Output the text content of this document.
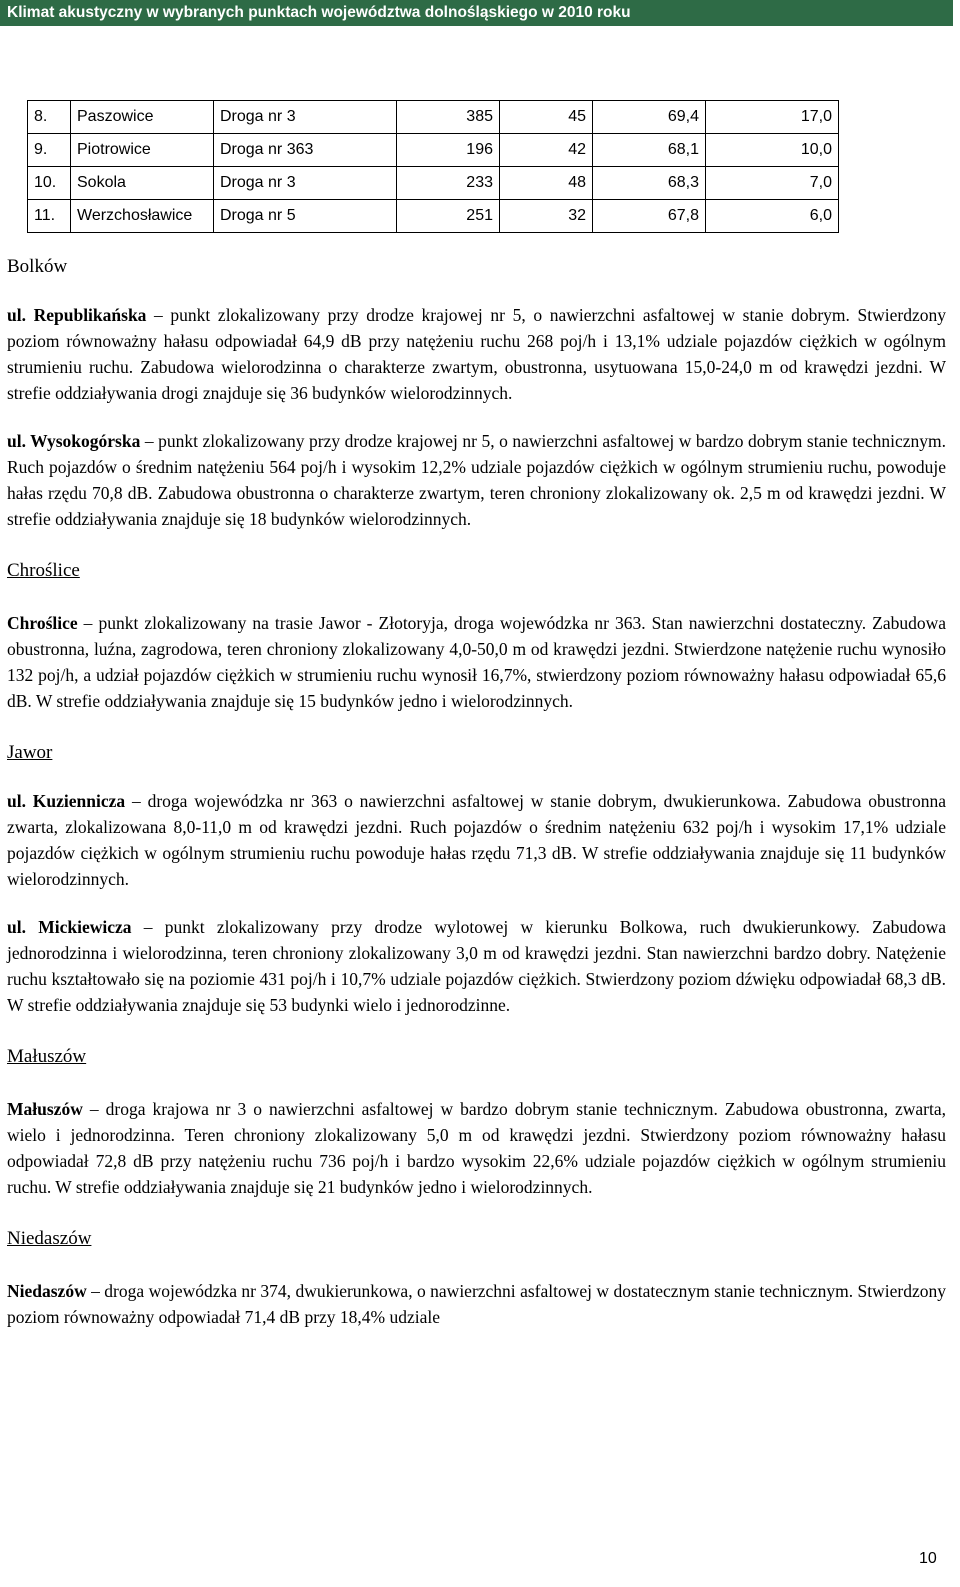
Klimat akustyczny w wybranych punktach województwa dolnośląskiego w 2010 roku
8.	Paszowice	Droga nr 3	385	45	69,4	17,0
9.	Piotrowice	Droga nr 363	196	42	68,1	10,0
10.	Sokola	Droga nr 3	233	48	68,3	7,0
11.	Werzchosławice	Droga nr 5	251	32	67,8	6,0
Bolków

ul. Republikańska – punkt zlokalizowany przy drodze krajowej nr 5, o nawierzchni asfaltowej w stanie dobrym. Stwierdzony poziom równoważny hałasu odpowiadał 64,9 dB przy natężeniu ruchu 268 poj/h i 13,1% udziale pojazdów ciężkich w ogólnym strumieniu ruchu. Zabudowa wielorodzinna o charakterze zwartym, obustronna, usytuowana 15,0-24,0 m od krawędzi jezdni. W strefie oddziaływania drogi znajduje się 36 budynków wielorodzinnych.

ul. Wysokogórska – punkt zlokalizowany przy drodze krajowej nr 5, o nawierzchni asfaltowej w bardzo dobrym stanie technicznym. Ruch pojazdów o średnim natężeniu 564 poj/h i wysokim 12,2% udziale pojazdów ciężkich w ogólnym strumieniu ruchu, powoduje hałas rzędu 70,8 dB. Zabudowa obustronna o charakterze zwartym, teren chroniony zlokalizowany ok. 2,5 m od krawędzi jezdni. W strefie oddziaływania znajduje się 18 budynków wielorodzinnych.

Chroślice

Chroślice – punkt zlokalizowany na trasie Jawor - Złotoryja, droga wojewódzka nr 363. Stan nawierzchni dostateczny. Zabudowa obustronna, luźna, zagrodowa, teren chroniony zlokalizowany 4,0-50,0 m od krawędzi jezdni. Stwierdzone natężenie ruchu wynosiło 132 poj/h, a udział pojazdów ciężkich w strumieniu ruchu wynosił 16,7%, stwierdzony poziom równoważny hałasu odpowiadał 65,6 dB. W strefie oddziaływania znajduje się 15 budynków jedno i wielorodzinnych.

Jawor

ul. Kuziennicza – droga wojewódzka nr 363 o nawierzchni asfaltowej w stanie dobrym, dwukierunkowa. Zabudowa obustronna zwarta, zlokalizowana 8,0-11,0 m od krawędzi jezdni. Ruch pojazdów o średnim natężeniu 632 poj/h i wysokim 17,1% udziale pojazdów ciężkich w ogólnym strumieniu ruchu powoduje hałas rzędu 71,3 dB. W strefie oddziaływania znajduje się 11 budynków wielorodzinnych.

ul. Mickiewicza – punkt zlokalizowany przy drodze wylotowej w kierunku Bolkowa, ruch dwukierunkowy. Zabudowa jednorodzinna i wielorodzinna, teren chroniony zlokalizowany 3,0 m od krawędzi jezdni. Stan nawierzchni bardzo dobry. Natężenie ruchu kształtowało się na poziomie 431 poj/h i 10,7% udziale pojazdów ciężkich. Stwierdzony poziom dźwięku odpowiadał 68,3 dB. W strefie oddziaływania znajduje się 53 budynki wielo i jednorodzinne.

Małuszów

Małuszów – droga krajowa nr 3 o nawierzchni asfaltowej w bardzo dobrym stanie technicznym. Zabudowa obustronna, zwarta, wielo i jednorodzinna. Teren chroniony zlokalizowany 5,0 m od krawędzi jezdni. Stwierdzony poziom równoważny hałasu odpowiadał 72,8 dB przy natężeniu ruchu 736 poj/h i bardzo wysokim 22,6% udziale pojazdów ciężkich w ogólnym strumieniu ruchu. W strefie oddziaływania znajduje się 21 budynków jedno i wielorodzinnych.

Niedaszów

Niedaszów – droga wojewódzka nr 374, dwukierunkowa, o nawierzchni asfaltowej w dostatecznym stanie technicznym. Stwierdzony poziom równoważny odpowiadał 71,4 dB przy 18,4% udziale

10
